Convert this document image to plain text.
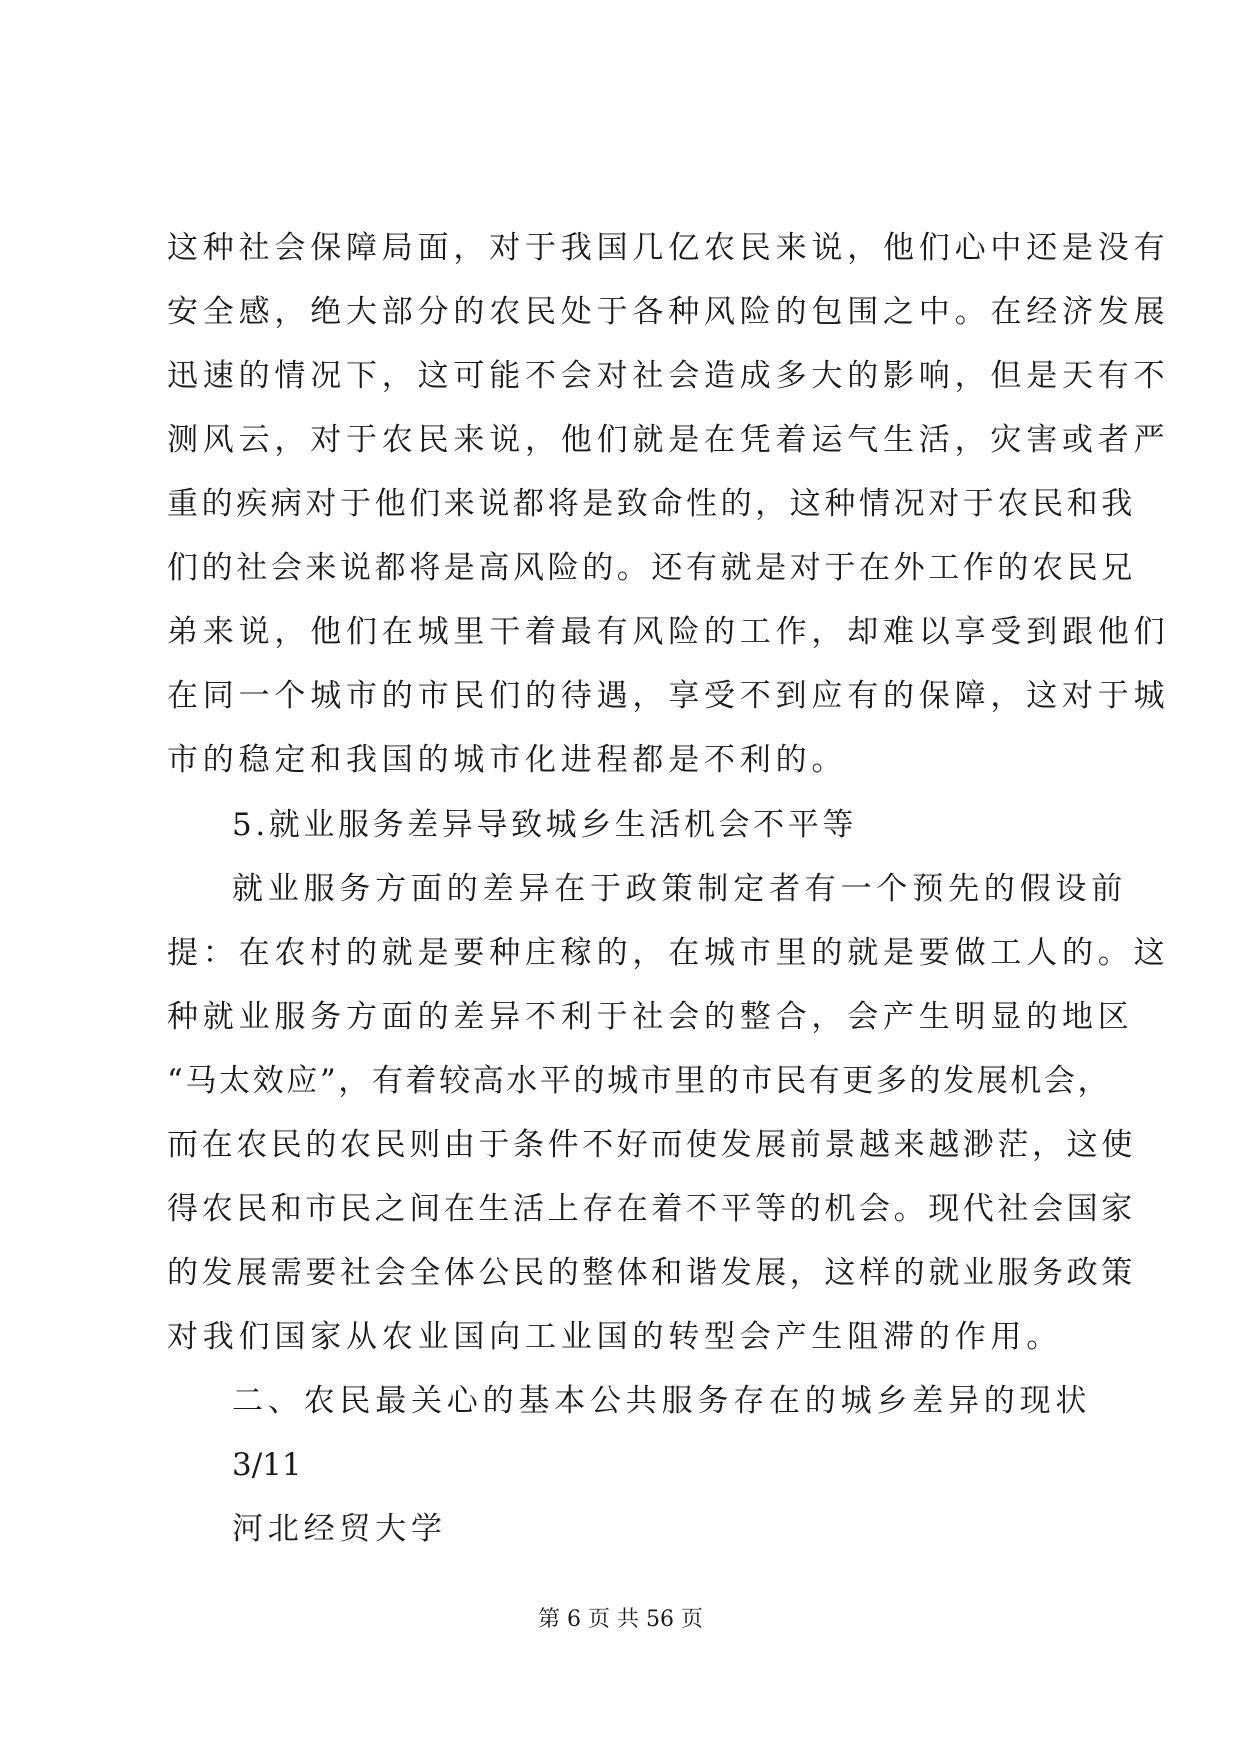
这种社会保障局面，对于我国几亿农民来说，他们心中还是没有
安全感，绝大部分的农民处于各种风险的包围之中。在经济发展
迅速的情况下，这可能不会对社会造成多大的影响，但是天有不
测风云，对于农民来说，他们就是在凭着运气生活，灾害或者严
重的疾病对于他们来说都将是致命性的，这种情况对于农民和我
们的社会来说都将是高风险的。还有就是对于在外工作的农民兄
弟来说，他们在城里干着最有风险的工作，却难以享受到跟他们
在同一个城市的市民们的待遇，享受不到应有的保障，这对于城
市的稳定和我国的城市化进程都是不利的。
5.就业服务差异导致城乡生活机会不平等
就业服务方面的差异在于政策制定者有一个预先的假设前
提：在农村的就是要种庄稼的，在城市里的就是要做工人的。这
种就业服务方面的差异不利于社会的整合，会产生明显的地区
“马太效应”，有着较高水平的城市里的市民有更多的发展机会，
而在农民的农民则由于条件不好而使发展前景越来越渺茫，这使
得农民和市民之间在生活上存在着不平等的机会。现代社会国家
的发展需要社会全体公民的整体和谐发展，这样的就业服务政策
对我们国家从农业国向工业国的转型会产生阻滞的作用。
二、农民最关心的基本公共服务存在的城乡差异的现状
3/11
河北经贸大学
第 6 页 共 56 页
